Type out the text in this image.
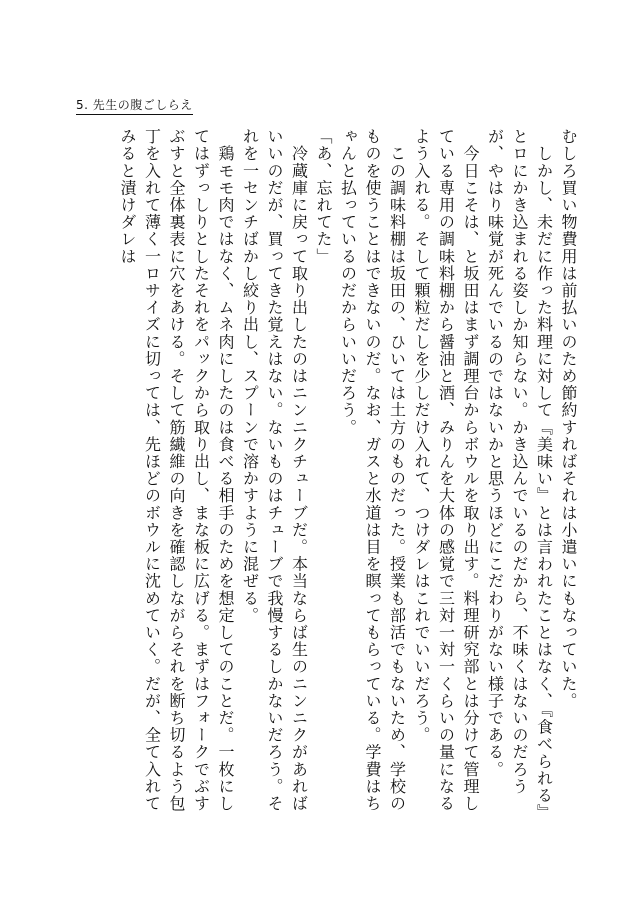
5. 先生の腹ごしらえ

むしろ買い物費用は前払いのため節約すればそれは小遣いにもなっていた。

　しかし、未だに作った料理に対して『美味い』とは言われたことはなく、『食べられる』とロにかき込まれる姿しか知らない。かき込んでいるのだから、不味くはないのだろうが、やはり味覚が死んでいるのではないかと思うほどにこだわりがない様子である。

　今日こそは、と坂田はまず調理台からボウルを取り出す。料理研究部とは分けて管理している専用の調味料棚から醤油と酒、みりんを大体の感覚で三対一対一くらいの量になるよう入れる。そして顆粒だしを少しだけ入れて、つけダレはこれでいいだろう。

　この調味料棚は坂田の、ひいては土方のものだった。授業も部活でもないため、学校のものを使うことはできないのだ。なお、ガスと水道は目を瞑ってもらっている。学費はちゃんと払っているのだからいいだろう。

「あ、忘れてた」

　冷蔵庫に戻って取り出したのはニンニクチューブだ。本当ならば生のニンニクがあればいいのだが、買ってきた覚えはない。ないものはチューブで我慢するしかないだろう。それを一センチばかし絞り出し、スプーンで溶かすように混ぜる。

　鶏モモ肉ではなく、ムネ肉にしたのは食べる相手のためを想定してのことだ。一枚にしてはずっしりとしたそれをパックから取り出し、まな板に広げる。まずはフォークでぶすぶすと全体裏表に穴をあける。そして筋繊維の向きを確認しながらそれを断ち切るよう包丁を入れて薄く一ロサイズに切っては、先ほどのボウルに沈めていく。だが、全て入れてみると漬けダレは
